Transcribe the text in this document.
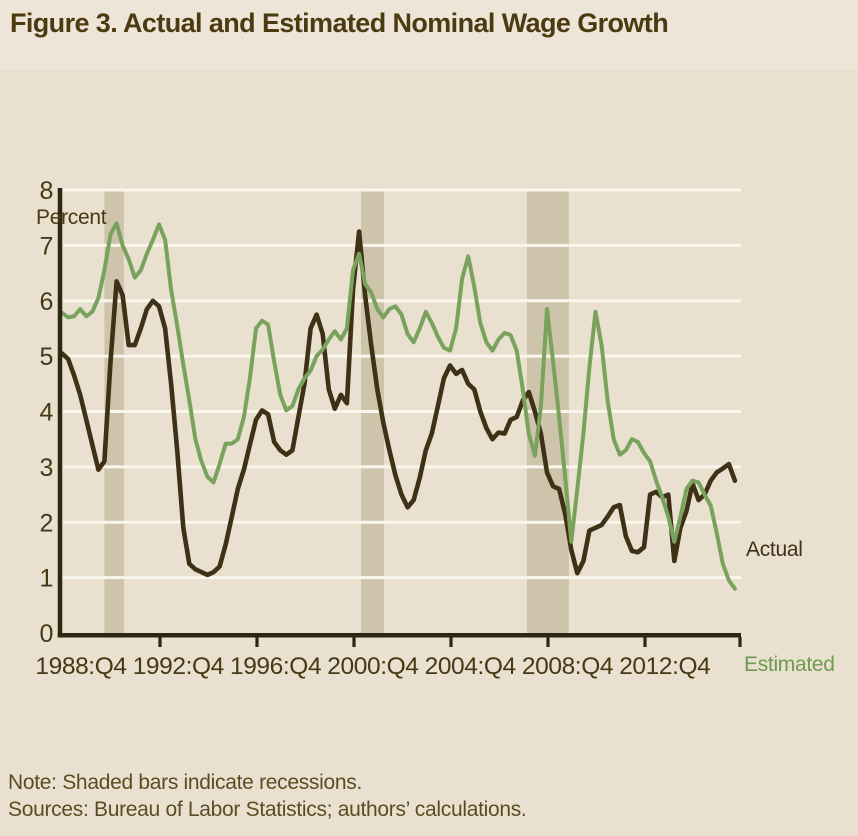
Figure 3. Actual and Estimated Nominal Wage Growth
0
1
2
3
4
5
6
7
8
1988:Q4 1992:Q4 1996:Q4 2000:Q4 2004:Q4 2008:Q4 2012:Q4
Percent
Actual
Estimated
Note: Shaded bars indicate recessions.
Sources: Bureau of Labor Statistics; authors’ calculations.
